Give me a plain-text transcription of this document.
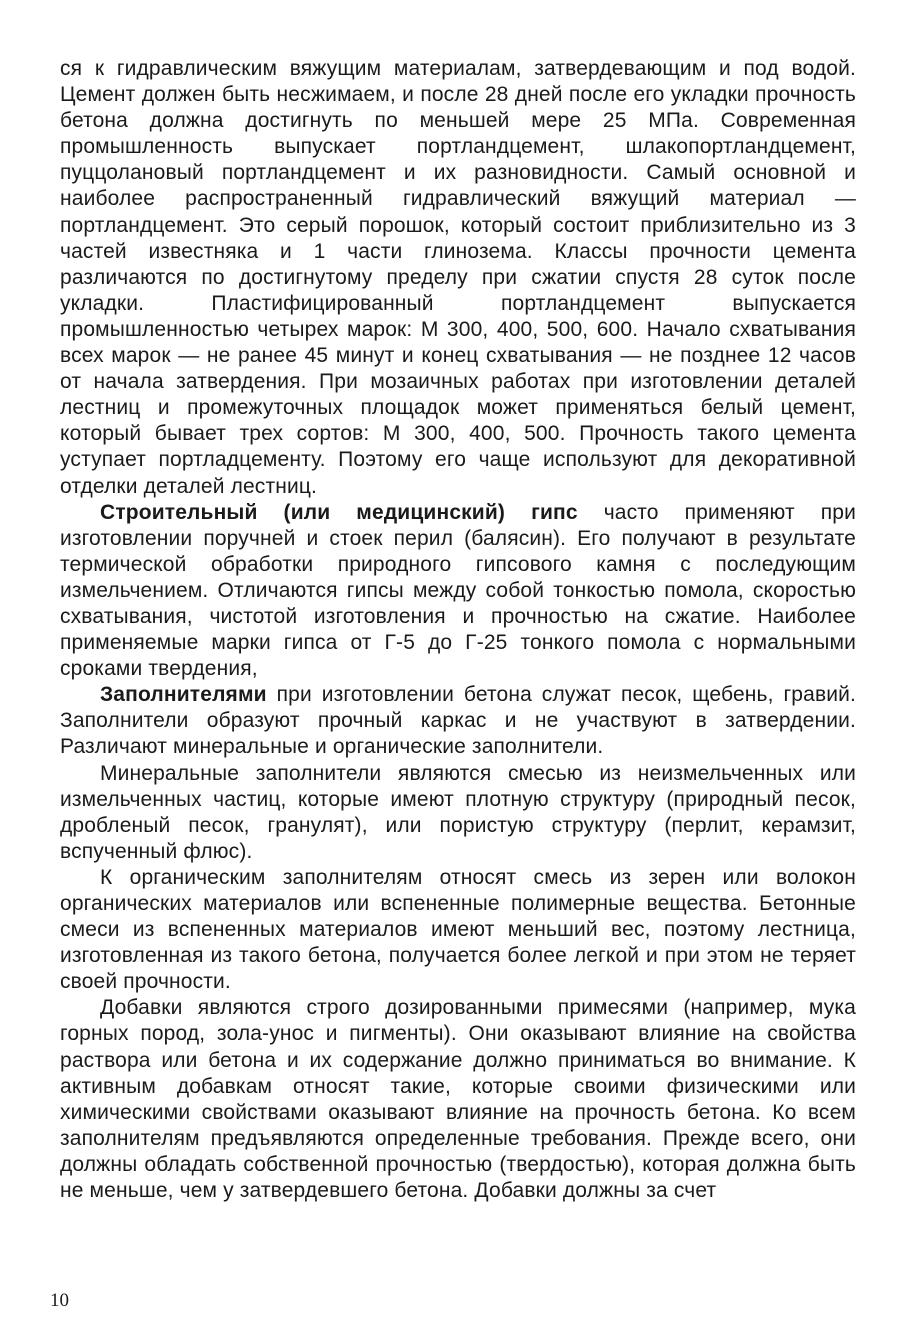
ся к гидравлическим вяжущим материалам, затвердевающим и под водой. Цемент должен быть несжимаем, и после 28 дней после его укладки прочность бетона должна достигнуть по меньшей мере 25 МПа. Современная промышленность выпускает портландцемент, шлакопортландцемент, пуццолановый портландцемент и их разновидности. Самый основной и наиболее распространенный гидравлический вяжущий материал — портландцемент. Это серый порошок, который состоит приблизительно из 3 частей известняка и 1 части глинозема. Классы прочности цемента различаются по достигнутому пределу при сжатии спустя 28 суток после укладки. Пластифицированный портландцемент выпускается промышленностью четырех марок: М 300, 400, 500, 600. Начало схватывания всех марок — не ранее 45 минут и конец схватывания — не позднее 12 часов от начала затвердения. При мозаичных работах при изготовлении деталей лестниц и промежуточных площадок может применяться белый цемент, который бывает трех сортов: М 300, 400, 500. Прочность такого цемента уступает портладцементу. Поэтому его чаще используют для декоративной отделки деталей лестниц.

Строительный (или медицинский) гипс часто применяют при изготовлении поручней и стоек перил (балясин). Его получают в результате термической обработки природного гипсового камня с последующим измельчением. Отличаются гипсы между собой тонкостью помола, скоростью схватывания, чистотой изготовления и прочностью на сжатие. Наиболее применяемые марки гипса от Г-5 до Г-25 тонкого помола с нормальными сроками твердения,

Заполнителями при изготовлении бетона служат песок, щебень, гравий. Заполнители образуют прочный каркас и не участвуют в затвердении. Различают минеральные и органические заполнители.

Минеральные заполнители являются смесью из неизмельченных или измельченных частиц, которые имеют плотную структуру (природный песок, дробленый песок, гранулят), или пористую структуру (перлит, керамзит, вспученный флюс).

К органическим заполнителям относят смесь из зерен или волокон органических материалов или вспененные полимерные вещества. Бетонные смеси из вспененных материалов имеют меньший вес, поэтому лестница, изготовленная из такого бетона, получается более легкой и при этом не теряет своей прочности.

Добавки являются строго дозированными примесями (например, мука горных пород, зола-унос и пигменты). Они оказывают влияние на свойства раствора или бетона и их содержание должно приниматься во внимание. К активным добавкам относят такие, которые своими физическими или химическими свойствами оказывают влияние на прочность бетона. Ко всем заполнителям предъявляются определенные требования. Прежде всего, они должны обладать собственной прочностью (твердостью), которая должна быть не меньше, чем у затвердевшего бетона. Добавки должны за счет

10
